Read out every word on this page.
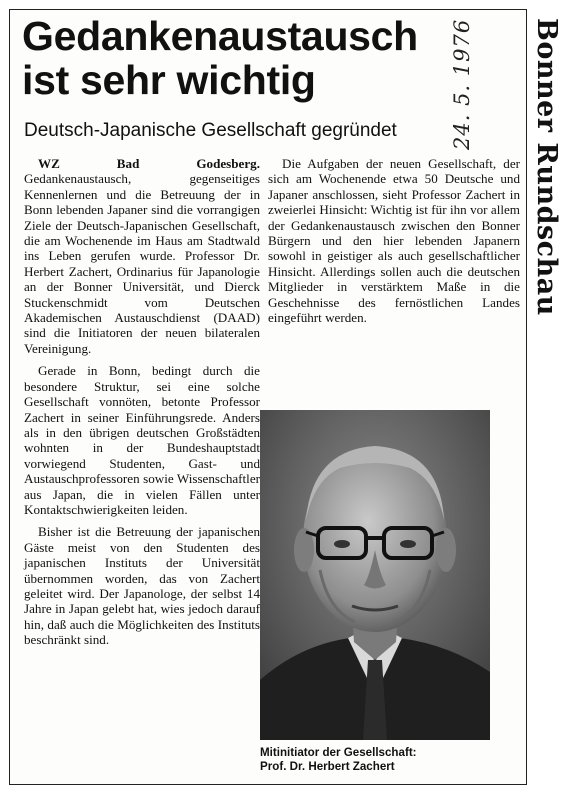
Gedankenaustausch
ist sehr wichtig
Deutsch-Japanische Gesellschaft gegründet

WZ Bad Godesberg. Gedankenaustausch, gegenseitiges Kennenlernen und die Betreuung der in Bonn lebenden Japaner sind die vorrangigen Ziele der Deutsch-Japanischen Gesellschaft, die am Wochenende im Haus am Stadtwald ins Leben gerufen wurde. Professor Dr. Herbert Zachert, Ordinarius für Japanologie an der Bonner Universität, und Dierck Stuckenschmidt vom Deutschen Akademischen Austauschdienst (DAAD) sind die Initiatoren der neuen bilateralen Vereinigung.

Gerade in Bonn, bedingt durch die besondere Struktur, sei eine solche Gesellschaft vonnöten, betonte Professor Zachert in seiner Einführungsrede. Anders als in den übrigen deutschen Großstädten wohnten in der Bundeshauptstadt vorwiegend Studenten, Gast- und Austauschprofessoren sowie Wissenschaftler aus Japan, die in vielen Fällen unter Kontaktschwierigkeiten leiden.

Bisher ist die Betreuung der japanischen Gäste meist von den Studenten des japanischen Instituts der Universität übernommen worden, das von Zachert geleitet wird. Der Japanologe, der selbst 14 Jahre in Japan gelebt hat, wies jedoch darauf hin, daß auch die Möglichkeiten des Instituts beschränkt sind.

Die Aufgaben der neuen Gesellschaft, der sich am Wochenende etwa 50 Deutsche und Japaner anschlossen, sieht Professor Zachert in zweierlei Hinsicht: Wichtig ist für ihn vor allem der Gedankenaustausch zwischen den Bonner Bürgern und den hier lebenden Japanern sowohl in geistiger als auch gesellschaftlicher Hinsicht. Allerdings sollen auch die deutschen Mitglieder in verstärktem Maße in die Geschehnisse des fernöstlichen Landes eingeführt werden.

Mitinitiator der Gesellschaft:
Prof. Dr. Herbert Zachert

24. 5. 1976 Bonner Rundschau
